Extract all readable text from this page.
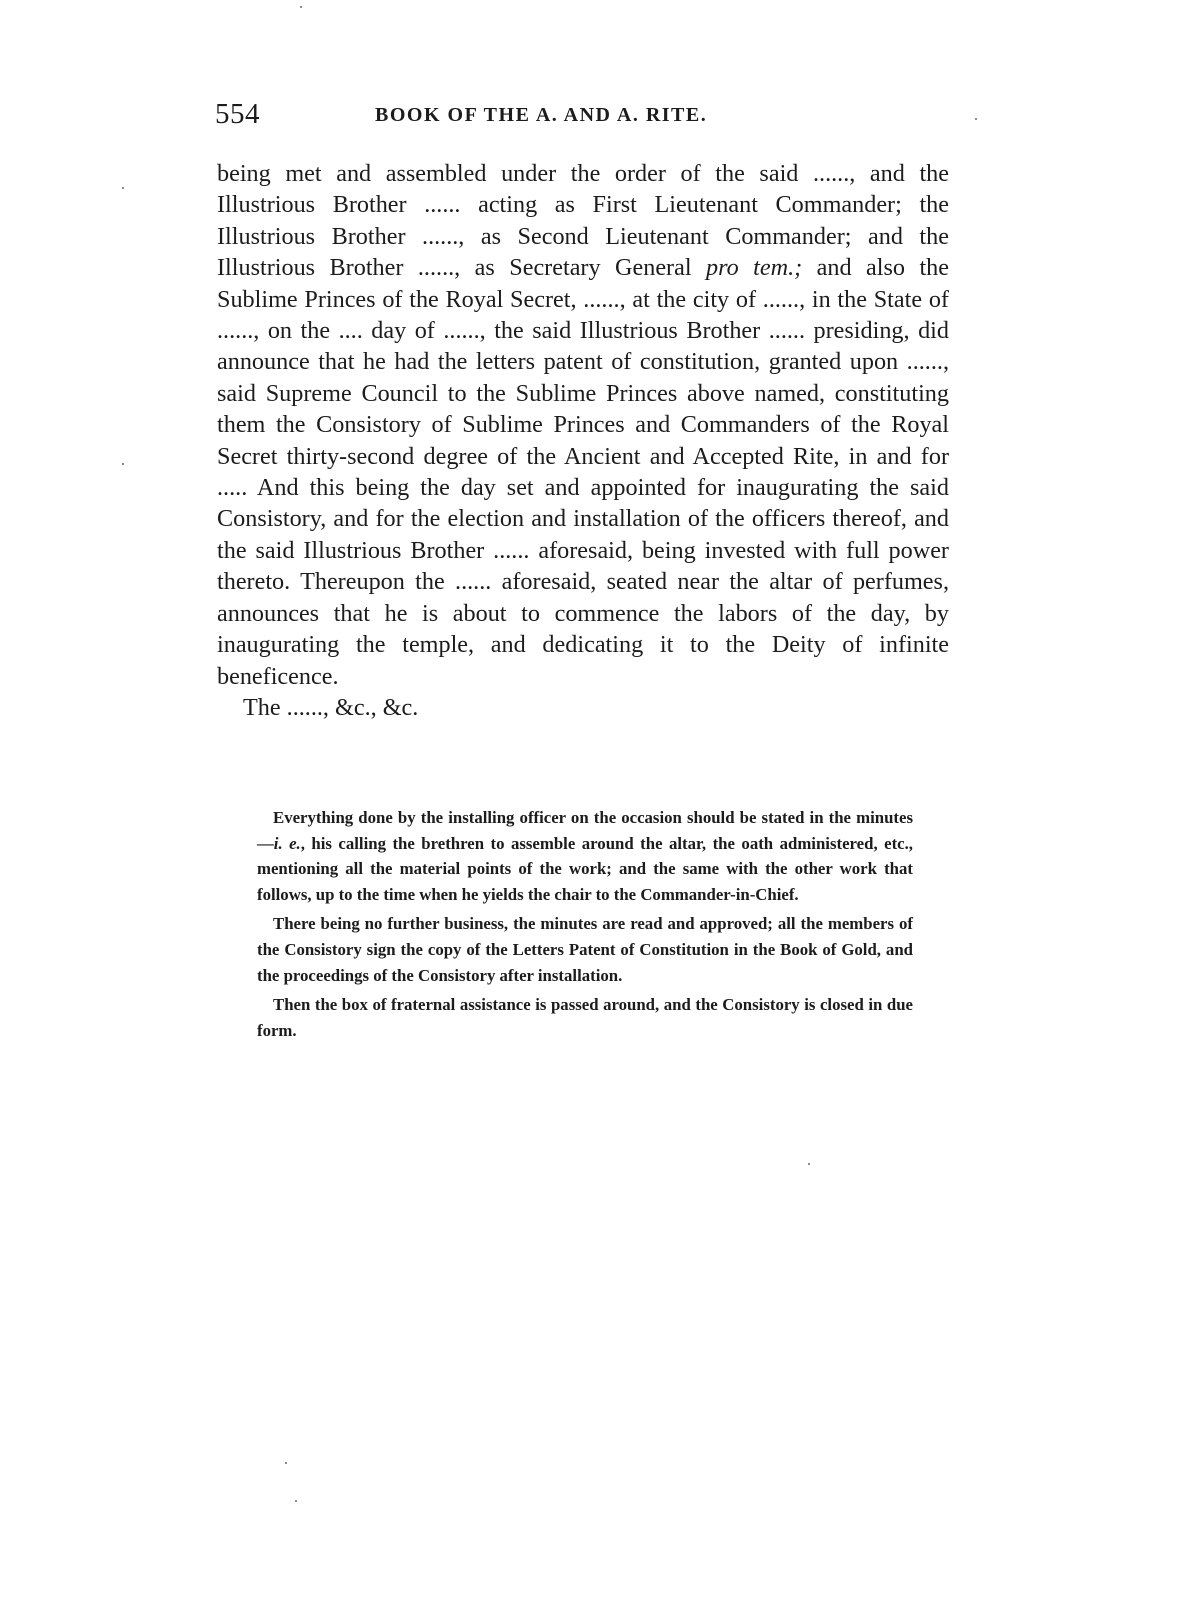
554	BOOK OF THE A. AND A. RITE.

being met and assembled under the order of the said ......, and the Illustrious Brother ...... acting as First Lieutenant Commander; the Illustrious Brother ......, as Second Lieutenant Commander; and the Illustrious Brother ......, as Secretary General pro tem.; and also the Sublime Princes of the Royal Secret, ......, at the city of ......, in the State of ......, on the .... day of ......, the said Illustrious Brother ...... presiding, did announce that he had the letters patent of constitution, granted upon ......, said Supreme Council to the Sublime Princes above named, constituting them the Consistory of Sublime Princes and Commanders of the Royal Secret thirty-second degree of the Ancient and Accepted Rite, in and for ..... And this being the day set and appointed for inaugurating the said Consistory, and for the election and installation of the officers thereof, and the said Illustrious Brother ...... aforesaid, being invested with full power thereto. Thereupon the ...... aforesaid, seated near the altar of perfumes, announces that he is about to commence the labors of the day, by inaugurating the temple, and dedicating it to the Deity of infinite beneficence.

The ......, &c., &c.

Everything done by the installing officer on the occasion should be stated in the minutes—i. e., his calling the brethren to assemble around the altar, the oath administered, etc., mentioning all the material points of the work; and the same with the other work that follows, up to the time when he yields the chair to the Commander-in-Chief.

There being no further business, the minutes are read and approved; all the members of the Consistory sign the copy of the Letters Patent of Constitution in the Book of Gold, and the proceedings of the Consistory after installation.

Then the box of fraternal assistance is passed around, and the Consistory is closed in due form.
